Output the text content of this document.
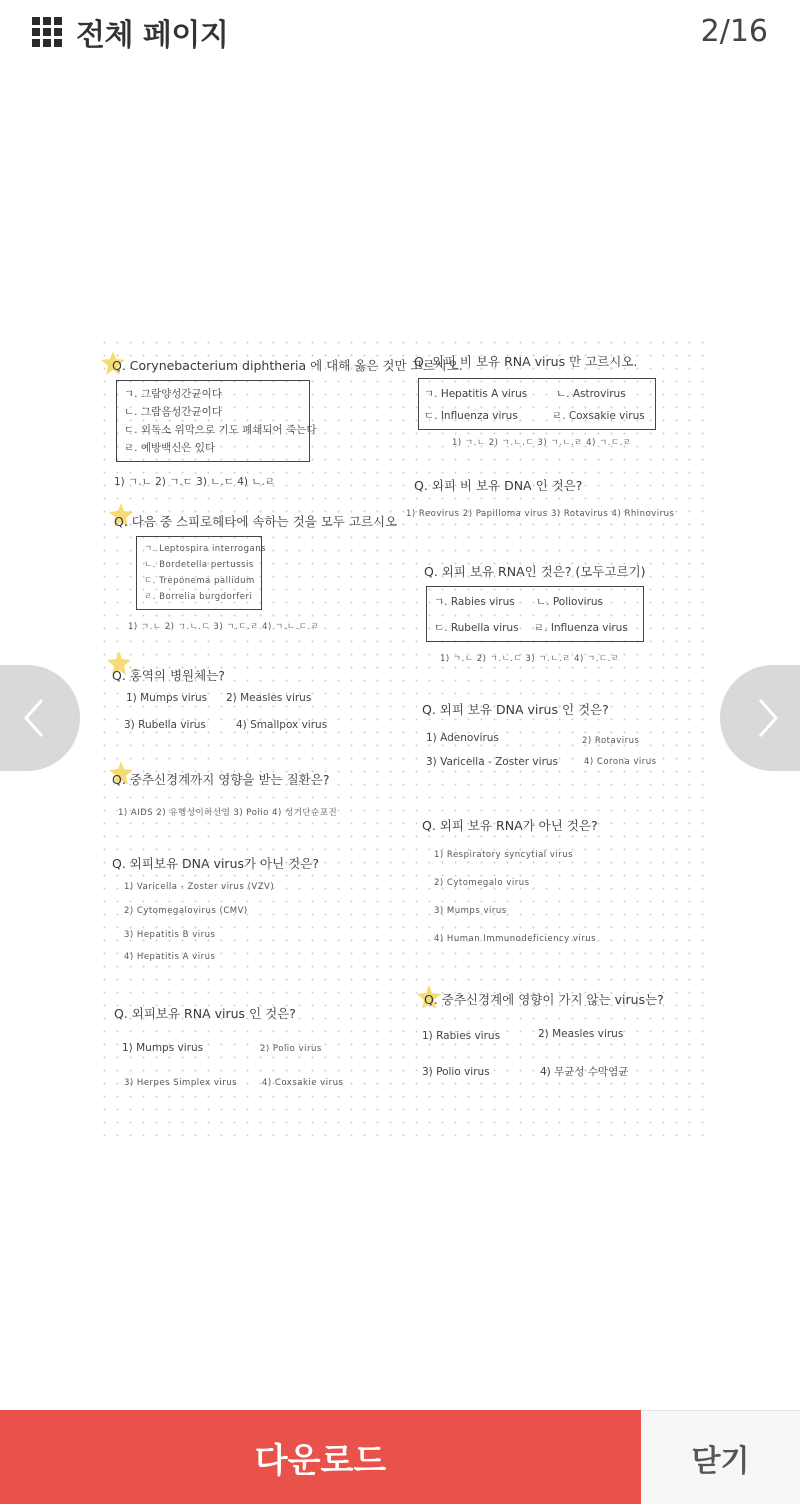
전체 페이지	2/16
Q. Corynebacterium diphtheria 에 대해 옳은 것만 고르시오.
ㄱ. 그람양성간균이다
ㄴ. 그람음성간균이다
ㄷ. 외독소 위막으로 기도 폐쇄되어 죽는다
ㄹ. 예방백신은 있다
1) ㄱ.ㄴ 2) ㄱ.ㄷ 3) ㄴ.ㄷ 4) ㄴ.ㄹ
Q. 다음 중 스피로헤타에 속하는 것을 모두 고르시오
ㄱ. Leptospira interrogans
ㄴ. Bordetella pertussis
ㄷ. Treponema pallidum
ㄹ. Borrelia burgdorferi
1) ㄱ.ㄴ 2) ㄱ.ㄴ.ㄷ 3) ㄱ.ㄷ.ㄹ 4) ㄱ.ㄴ.ㄷ.ㄹ
Q. 홍역의 병원체는?
1) Mumps virus 2) Measles virus
3) Rubella virus	4) Smallpox virus
Q. 중추신경계까지 영향을 받는 질환은?
1) AIDS 2) 유행성이하선염 3) Polio 4) 성기단순포진
Q. 외피보유 DNA virus가 아닌 것은?
1) Varicella - Zoster virus (VZV)
2) Cytomegalovirus (CMV)
3) Hepatitis B virus
4) Hepatitis A virus
Q. 외피보유 RNA virus 인 것은?
1) Mumps virus	2) Polio virus
3) Herpes Simplex virus	4) Coxsakie virus
Q. 외피 비 보유 RNA virus 만 고르시오.
ㄱ. Hepatitis A virus	ㄴ. Astrovirus
ㄷ. Influenza virus	ㄹ. Coxsakie virus
1) ㄱ.ㄴ 2) ㄱ.ㄴ.ㄷ 3) ㄱ.ㄴ.ㄹ 4) ㄱ.ㄷ.ㄹ
Q. 외피 비 보유 DNA 인 것은?
1) Reovirus 2) Papilloma virus 3) Rotavirus 4) Rhinovirus
Q. 외피 보유 RNA인 것은? (모두고르기)
ㄱ. Rabies virus ㄴ. Poliovirus
ㄷ. Rubella virus ㄹ. Influenza virus
1) ㄱ.ㄴ 2) ㄱ.ㄴ.ㄷ 3) ㄱ.ㄴ.ㄹ 4) ㄱ.ㄷ.ㄹ
Q. 외피 보유 DNA virus 인 것은?
1) Adenovirus	2) Rotavirus
3) Varicella - Zoster virus	4) Corona virus
Q. 외피 보유 RNA가 아닌 것은?
1) Respiratory syncytial virus
2) Cytomegalo virus
3) Mumps virus
4) Human Immunodeficiency virus
Q. 중추신경계에 영향이 가지 않는 virus는?
1) Rabies virus	2) Measles virus
3) Polio virus	4) 무균성 수막염균
다운로드	닫기
